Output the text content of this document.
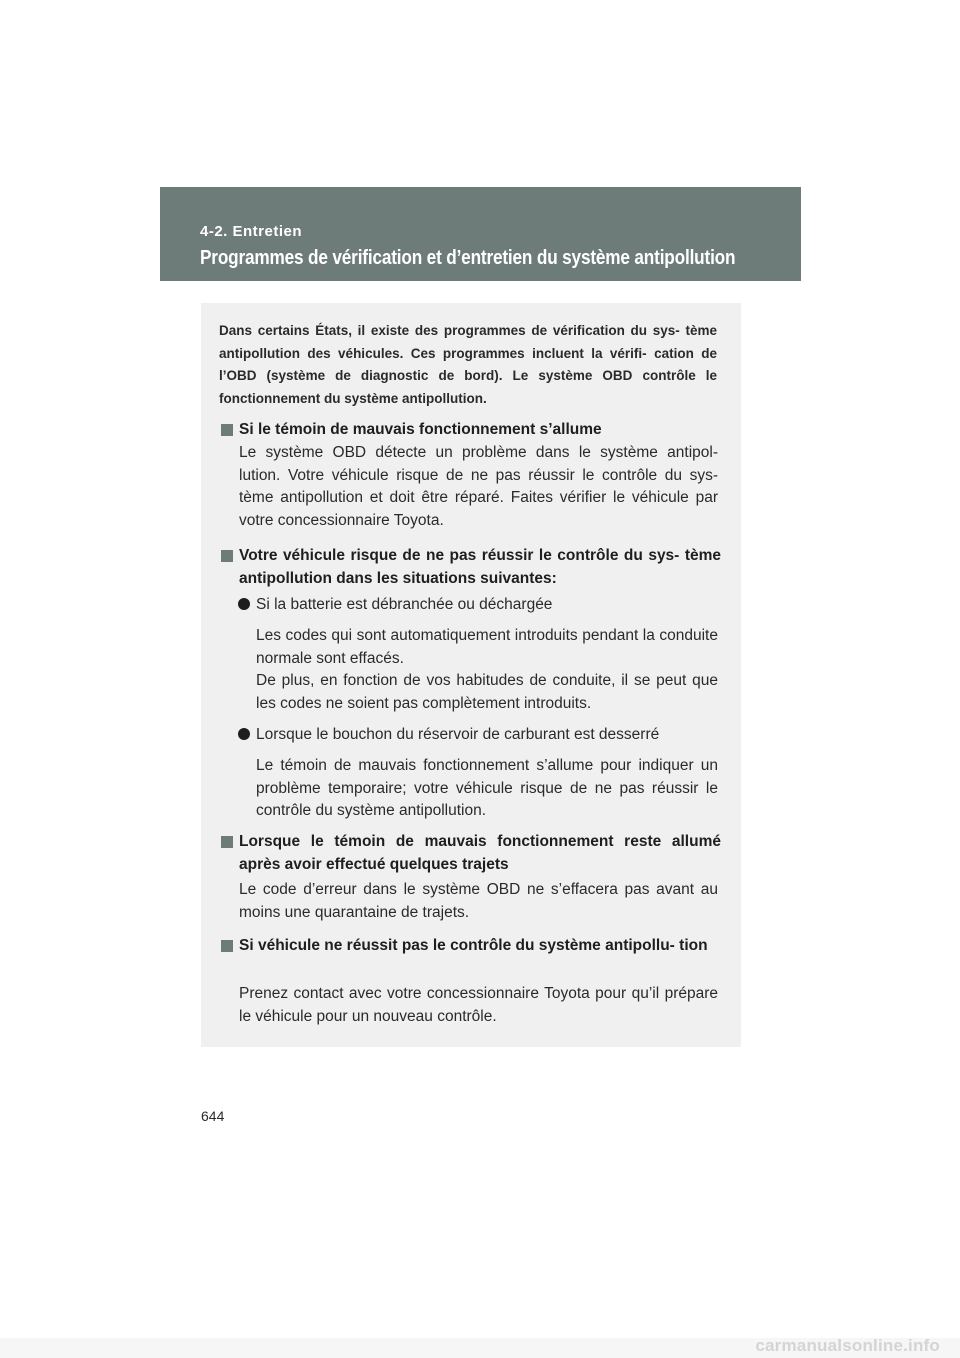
4-2. Entretien
Programmes de vérification et d’entretien du système antipollution
Dans certains États, il existe des programmes de vérification du sys- tème antipollution des véhicules. Ces programmes incluent la vérifi- cation de l’OBD (système de diagnostic de bord). Le système OBD contrôle le fonctionnement du système antipollution.
Si le témoin de mauvais fonctionnement s’allume
Le système OBD détecte un problème dans le système antipol- lution. Votre véhicule risque de ne pas réussir le contrôle du sys- tème antipollution et doit être réparé. Faites vérifier le véhicule par votre concessionnaire Toyota.
Votre véhicule risque de ne pas réussir le contrôle du sys- tème antipollution dans les situations suivantes:
Si la batterie est débranchée ou déchargée
Les codes qui sont automatiquement introduits pendant la conduite normale sont effacés.
De plus, en fonction de vos habitudes de conduite, il se peut que les codes ne soient pas complètement introduits.
Lorsque le bouchon du réservoir de carburant est desserré
Le témoin de mauvais fonctionnement s’allume pour indiquer un problème temporaire; votre véhicule risque de ne pas réussir le contrôle du système antipollution.
Lorsque le témoin de mauvais fonctionnement reste allumé après avoir effectué quelques trajets
Le code d’erreur dans le système OBD ne s’effacera pas avant au moins une quarantaine de trajets.
Si véhicule ne réussit pas le contrôle du système antipollu- tion
Prenez contact avec votre concessionnaire Toyota pour qu’il prépare le véhicule pour un nouveau contrôle.
644
carmanualsonline.info
